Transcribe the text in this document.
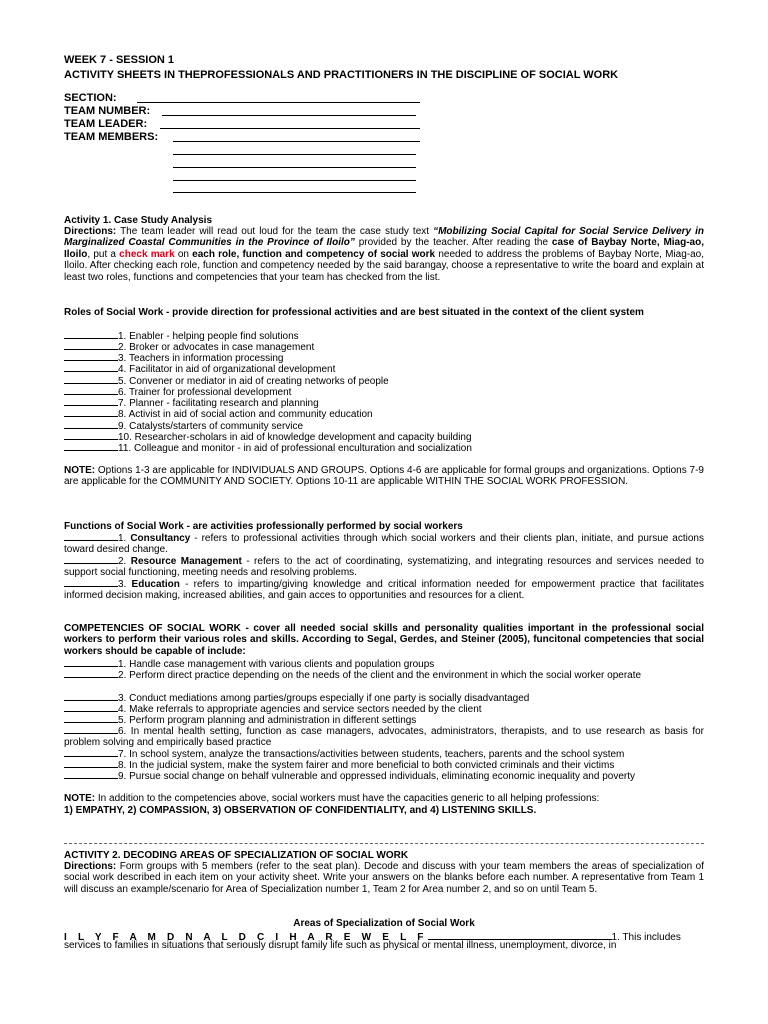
WEEK 7 - SESSION 1
ACTIVITY SHEETS IN THEPROFESSIONALS AND PRACTITIONERS IN THE DISCIPLINE OF SOCIAL WORK
SECTION:
TEAM NUMBER:
TEAM LEADER:
TEAM MEMBERS:
Activity 1. Case Study Analysis
Directions: The team leader will read out loud for the team the case study text “Mobilizing Social Capital for Social Service Delivery in Marginalized Coastal Communities in the Province of Iloilo” provided by the teacher. After reading the case of Baybay Norte, Miag-ao, Iloilo, put a check mark on each role, function and competency of social work needed to address the problems of Baybay Norte, Miag-ao, Iloilo. After checking each role, function and competency needed by the said barangay, choose a representative to write the board and explain at least two roles, functions and competencies that your team has checked from the list.
Roles of Social Work - provide direction for professional activities and are best situated in the context of the client system
1. Enabler - helping people find solutions
2. Broker or advocates in case management
3. Teachers in information processing
4. Facilitator in aid of organizational development
5. Convener or mediator in aid of creating networks of people
6. Trainer for professional development
7. Planner - facilitating research and planning
8. Activist in aid of social action and community education
9. Catalysts/starters of community service
10. Researcher-scholars in aid of knowledge development and capacity building
11. Colleague and monitor - in aid of professional enculturation and socialization
NOTE: Options 1-3 are applicable for INDIVIDUALS AND GROUPS. Options 4-6 are applicable for formal groups and organizations. Options 7-9 are applicable for the COMMUNITY AND SOCIETY. Options 10-11 are applicable WITHIN THE SOCIAL WORK PROFESSION.
Functions of Social Work - are activities professionally performed by social workers
1. Consultancy - refers to professional activities through which social workers and their clients plan, initiate, and pursue actions toward desired change.
2. Resource Management - refers to the act of coordinating, systematizing, and integrating resources and services needed to support social functioning, meeting needs and resolving problems.
3. Education - refers to imparting/giving knowledge and critical information needed for empowerment practice that facilitates informed decision making, increased abilities, and gain acces to opportunities and resources for a client.
COMPETENCIES OF SOCIAL WORK - cover all needed social skills and personality qualities important in the professional social workers to perform their various roles and skills. According to Segal, Gerdes, and Steiner (2005), funcitonal competencies that social workers should be capable of include:
1. Handle case management with various clients and population groups
2. Perform direct practice depending on the needs of the client and the environment in which the social worker operate
3. Conduct mediations among parties/groups especially if one party is socially disadvantaged
4. Make referrals to appropriate agencies and service sectors needed by the client
5. Perform program planning and administration in different settings
6. In mental health setting, function as case managers, advocates, administrators, therapists, and to use research as basis for problem solving and empirically based practice
7. In school system, analyze the transactions/activities between students, teachers, parents and the school system
8. In the judicial system, make the system fairer and more beneficial to both convicted criminals and their victims
9. Pursue social change on behalf vulnerable and oppressed individuals, eliminating economic inequality and poverty
NOTE: In addition to the competencies above, social workers must have the capacities generic to all helping professions:
1) EMPATHY, 2) COMPASSION, 3) OBSERVATION OF CONFIDENTIALITY, and 4) LISTENING SKILLS.
ACTIVITY 2. DECODING AREAS OF SPECIALIZATION OF SOCIAL WORK
Directions: Form groups with 5 members (refer to the seat plan). Decode and discuss with your team members the areas of specialization of social work described in each item on your activity sheet. Write your answers on the blanks before each number. A representative from Team 1 will discuss an example/scenario for Area of Specialization number 1, Team 2 for Area number 2, and so on until Team 5.
Areas of Specialization of Social Work
I L Y F A M D N A L D C I H A R E W E L F	1. This includes
services to families in situations that seriously disrupt family life such as physical or mental illness, unemployment, divorce, in
